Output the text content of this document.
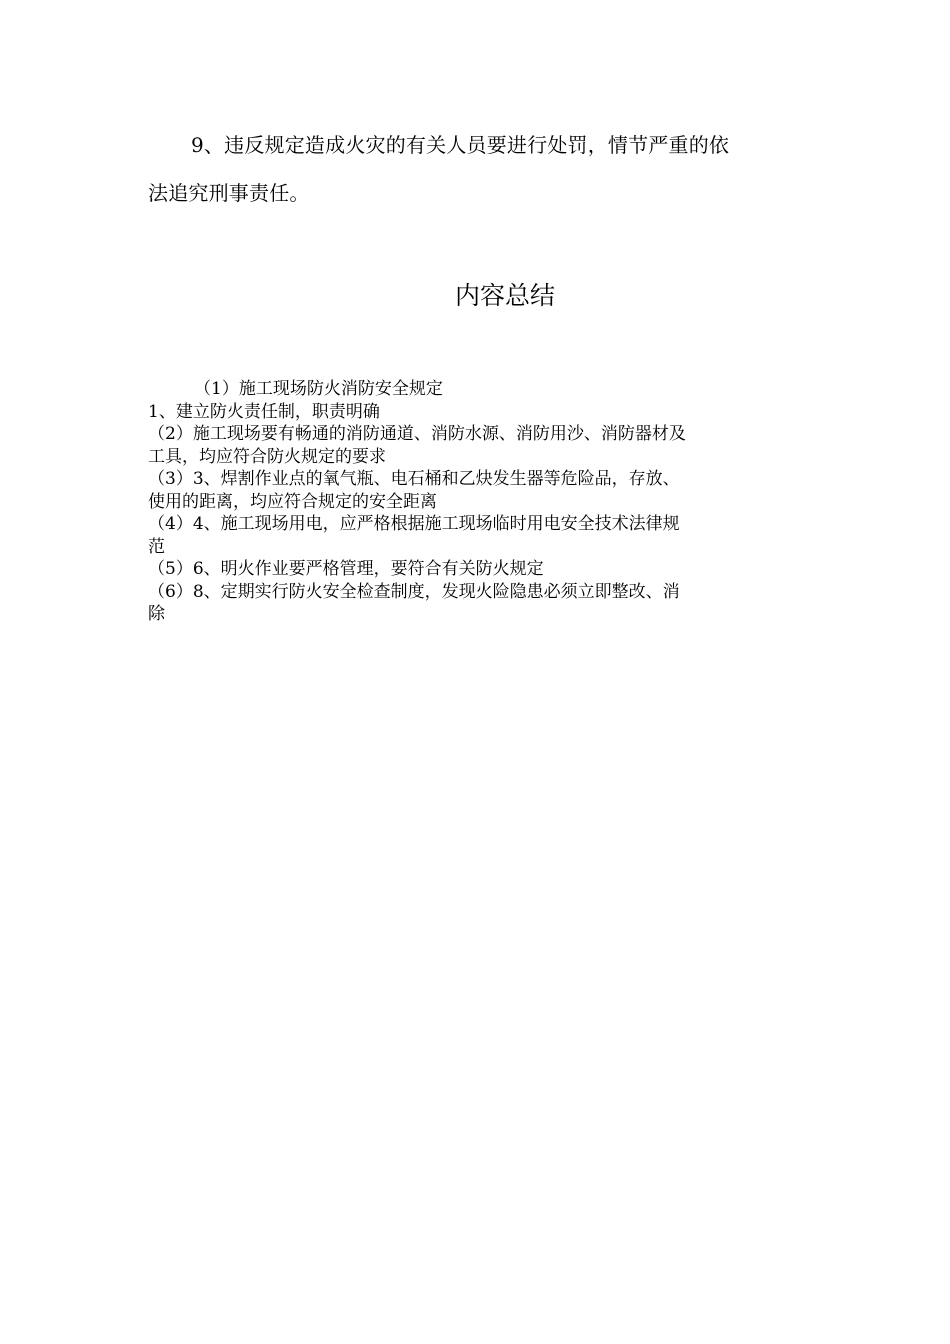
9、违反规定造成火灾的有关人员要进行处罚，情节严重的依
法追究刑事责任。
内容总结
（1）施工现场防火消防安全规定
1、建立防火责任制，职责明确
（2）施工现场要有畅通的消防通道、消防水源、消防用沙、消防器材及
工具，均应符合防火规定的要求
（3）3、焊割作业点的氧气瓶、电石桶和乙炔发生器等危险品，存放、
使用的距离，均应符合规定的安全距离
（4）4、施工现场用电，应严格根据施工现场临时用电安全技术法律规
范
（5）6、明火作业要严格管理，要符合有关防火规定
（6）8、定期实行防火安全检查制度，发现火险隐患必须立即整改、消
除
